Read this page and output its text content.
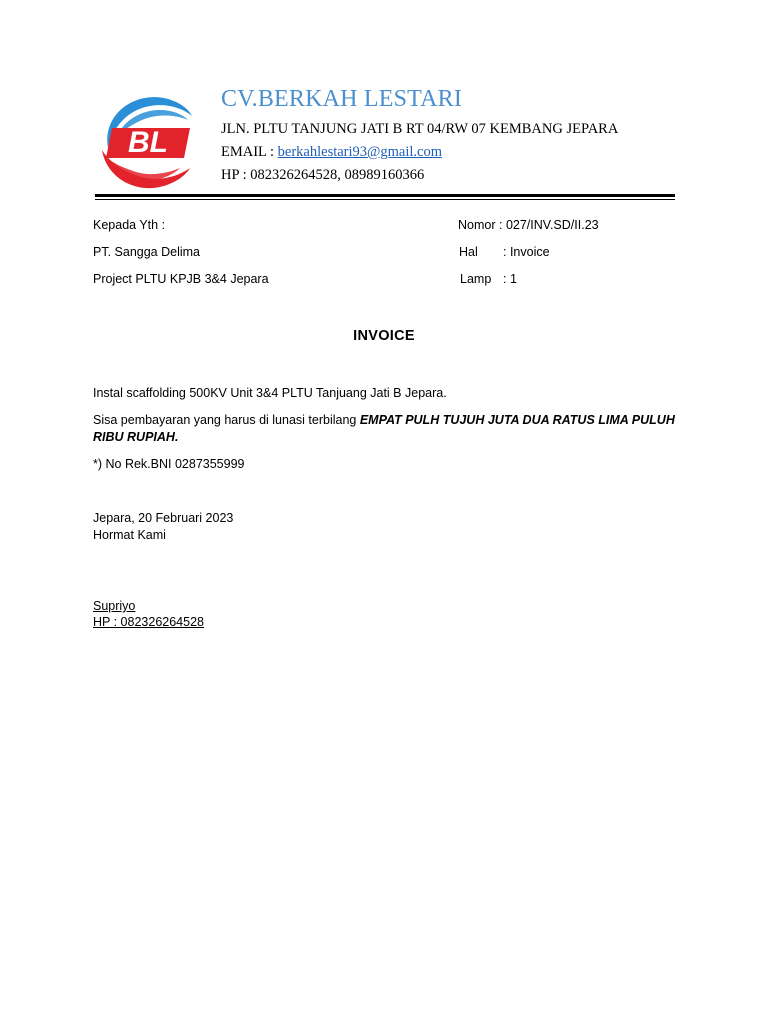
BL
CV.BERKAH LESTARI
JLN. PLTU TANJUNG JATI B RT 04/RW 07 KEMBANG JEPARA
EMAIL : berkahlestari93@gmail.com
HP : 082326264528, 08989160366
Kepada Yth :
PT. Sangga Delima
Project PLTU KPJB 3&4 Jepara
Nomor : 027/INV.SD/II.23
Hal : Invoice
Lamp : 1
INVOICE
Instal scaffolding 500KV Unit 3&4 PLTU Tanjuang Jati B Jepara.
Sisa pembayaran yang harus di lunasi terbilang EMPAT PULH TUJUH JUTA DUA RATUS LIMA PULUH RIBU RUPIAH.
*) No Rek.BNI 0287355999
Jepara, 20 Februari 2023
Hormat Kami
Supriyo
HP : 082326264528
